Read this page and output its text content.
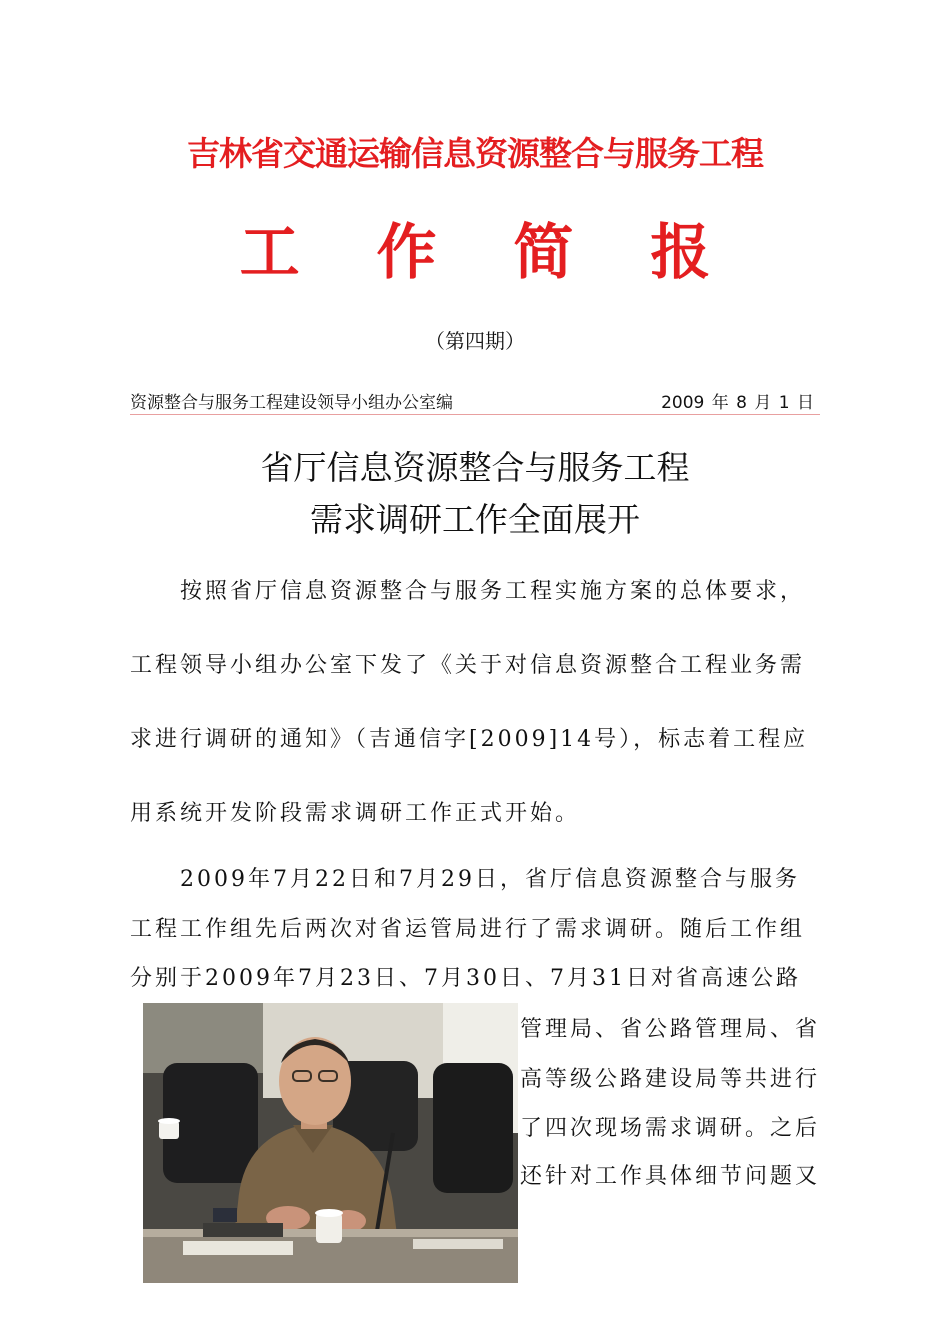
吉林省交通运输信息资源整合与服务工程
工 作 简 报
（第四期）
资源整合与服务工程建设领导小组办公室编	2009 年 8 月 1 日
省厅信息资源整合与服务工程
需求调研工作全面展开
按照省厅信息资源整合与服务工程实施方案的总体要求，
工程领导小组办公室下发了《关于对信息资源整合工程业务需
求进行调研的通知》（吉通信字[2009]14号），标志着工程应
用系统开发阶段需求调研工作正式开始。
2009年7月22日和7月29日，省厅信息资源整合与服务
工程工作组先后两次对省运管局进行了需求调研。随后工作组
分别于2009年7月23日、7月30日、7月31日对省高速公路
管理局、省公路管理局、省
高等级公路建设局等共进行
了四次现场需求调研。之后
还针对工作具体细节问题又
